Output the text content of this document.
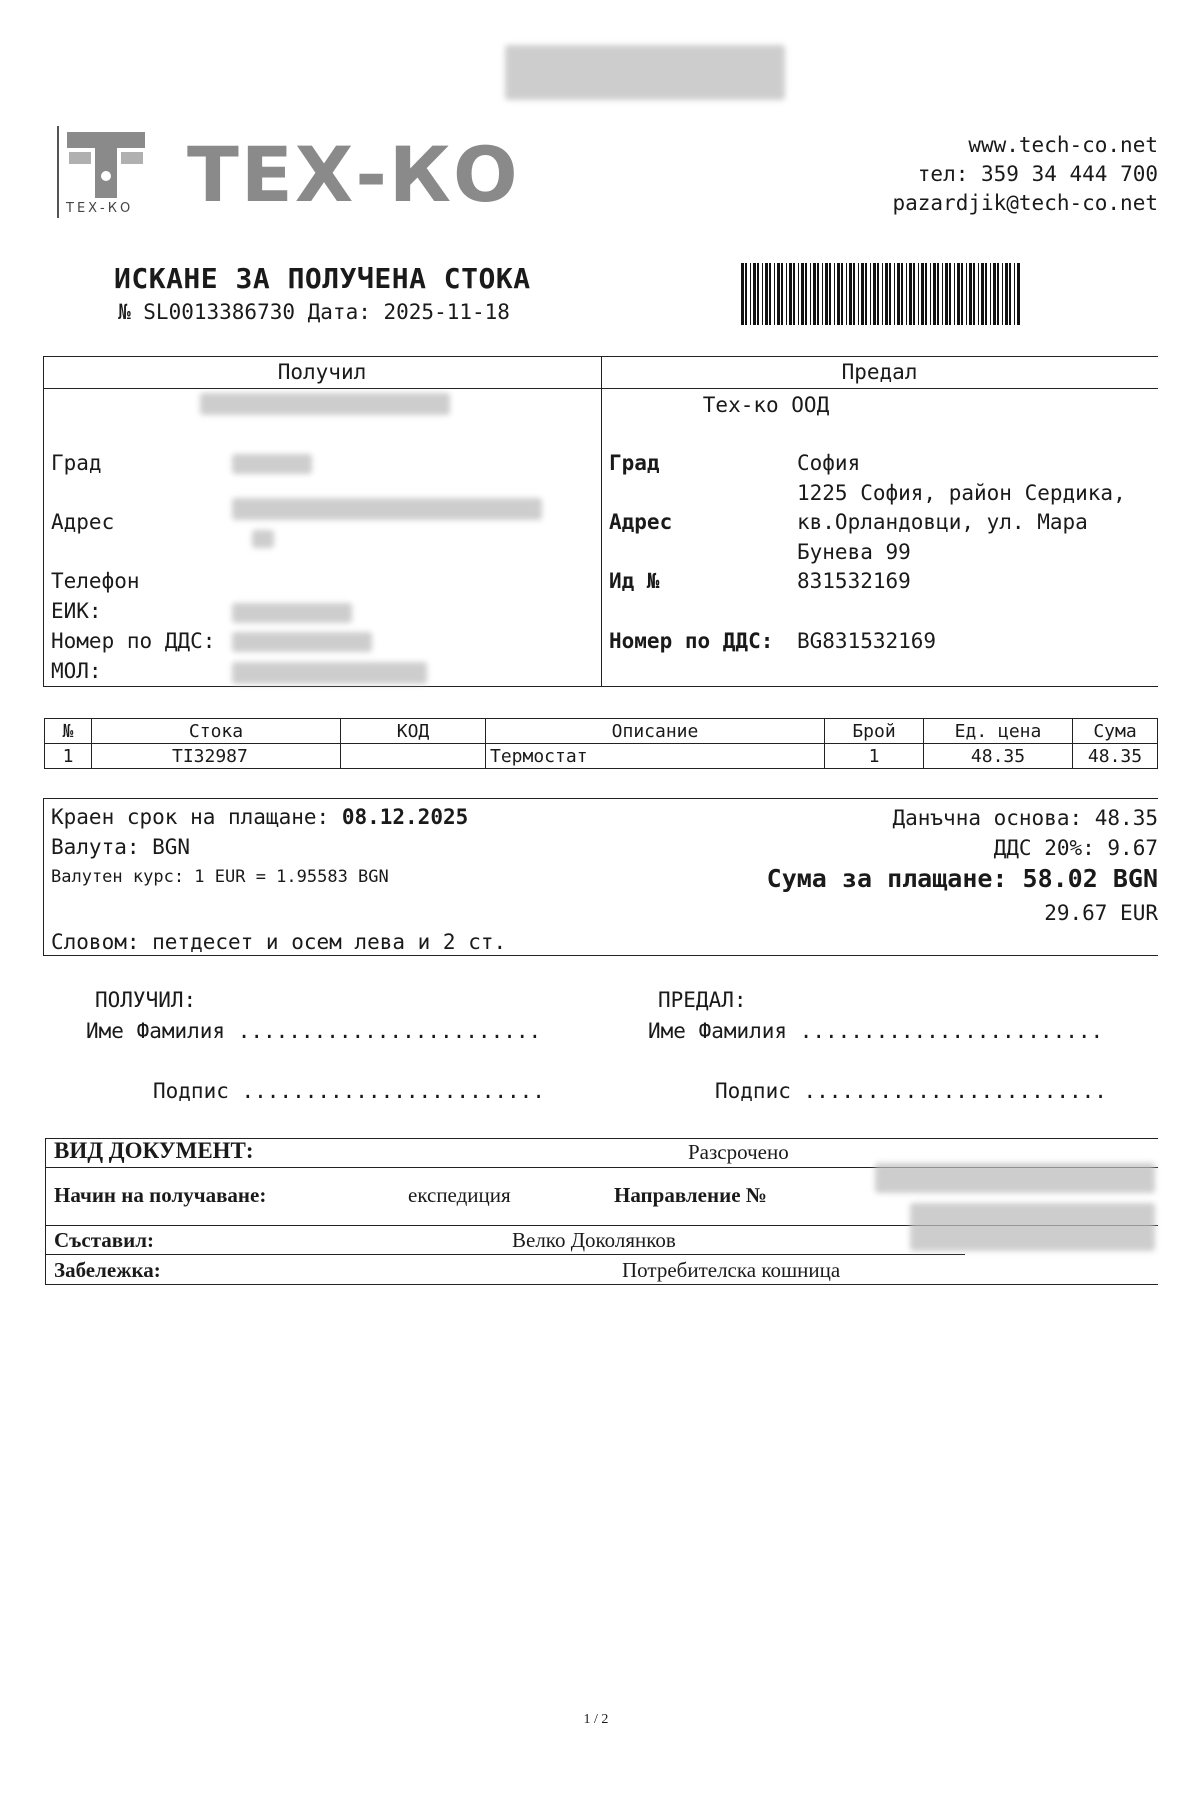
ТЕХ-КО ТЕХ-КО	www.tech-co.net
тел: 359 34 444 700
pazardjik@tech-co.net
ИСКАНЕ ЗА ПОЛУЧЕНА СТОКА
№ SL0013386730 Дата: 2025-11-18
Получил	Предал
Град
Адрес
Телефон
ЕИК:
Номер по ДДС:
МОЛ:
Тех-ко ООД
Град	София
1225 София, район Сердика,
Адрес	кв.Орландовци, ул. Мара
Бунева 99
Ид №	831532169
Номер по ДДС: BG831532169
№	Стока	КОД	Описание	Брой	Ед. цена	Сума
1	TI32987		Термостат	1	48.35	48.35
Краен срок на плащане: 08.12.2025
Валута: BGN
Валутен курс: 1 EUR = 1.95583 BGN
Словом: петдесет и осем лева и 2 ст.
Данъчна основа: 48.35
ДДС 20%: 9.67
Сума за плащане: 58.02 BGN
29.67 EUR
ПОЛУЧИЛ:
Име Фамилия ........................
Подпис ........................
ПРЕДАЛ:
Име Фамилия ........................
Подпис ........................
ВИД ДОКУМЕНТ:	Разсрочено
Начин на получаване:	експедиция	Направление №
Съставил:	Велко Доколянков
Забележка:	Потребителска кошница
1 / 2
